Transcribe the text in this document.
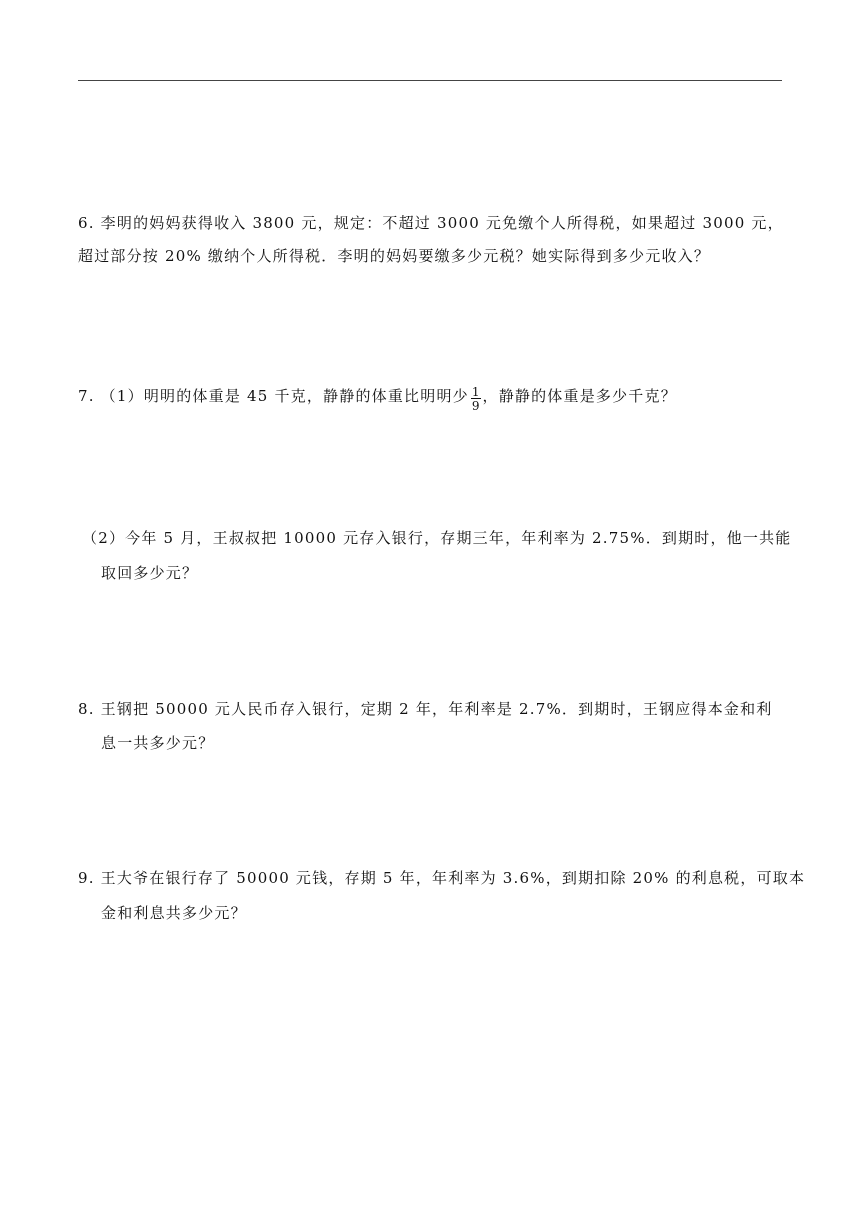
6. 李明的妈妈获得收入 3800 元，规定：不超过 3000 元免缴个人所得税，如果超过 3000 元，
超过部分按 20% 缴纳个人所得税．李明的妈妈要缴多少元税？她实际得到多少元收入？
7. （1）明明的体重是 45 千克，静静的体重比明明少 $\frac{1}{9}$ ，静静的体重是多少千克？
（2）今年 5 月，王叔叔把 10000 元存入银行，存期三年，年利率为 2.75%．到期时，他一共能
取回多少元？
8. 王钢把 50000 元人民币存入银行，定期 2 年，年利率是 2.7%．到期时，王钢应得本金和利
息一共多少元？
9. 王大爷在银行存了 50000 元钱，存期 5 年，年利率为 3.6%，到期扣除 20% 的利息税，可取本
金和利息共多少元？
